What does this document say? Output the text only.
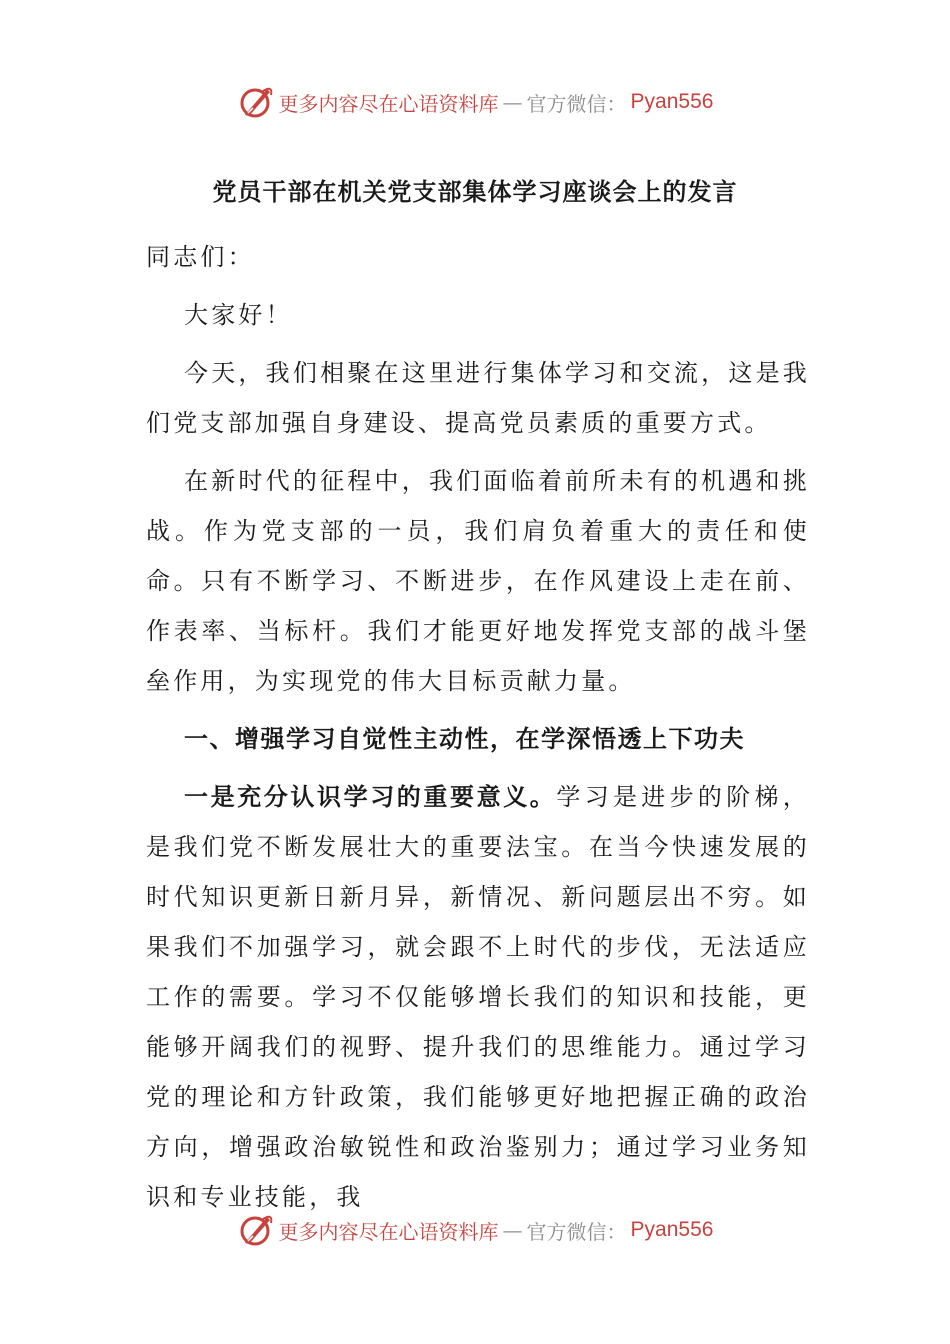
更多内容尽在心语资料库 — 官方微信： Pyan556
党员干部在机关党支部集体学习座谈会上的发言

同志们：

大家好！

今天，我们相聚在这里进行集体学习和交流，这是我们党支部加强自身建设、提高党员素质的重要方式。

在新时代的征程中，我们面临着前所未有的机遇和挑战。作为党支部的一员，我们肩负着重大的责任和使命。只有不断学习、不断进步，在作风建设上走在前、作表率、当标杆。我们才能更好地发挥党支部的战斗堡垒作用，为实现党的伟大目标贡献力量。

一、增强学习自觉性主动性，在学深悟透上下功夫

一是充分认识学习的重要意义。学习是进步的阶梯，是我们党不断发展壮大的重要法宝。在当今快速发展的时代知识更新日新月异，新情况、新问题层出不穷。如果我们不加强学习，就会跟不上时代的步伐，无法适应工作的需要。学习不仅能够增长我们的知识和技能，更能够开阔我们的视野、提升我们的思维能力。通过学习党的理论和方针政策，我们能够更好地把握正确的政治方向，增强政治敏锐性和政治鉴别力；通过学习业务知识和专业技能，我

更多内容尽在心语资料库 — 官方微信： Pyan556
